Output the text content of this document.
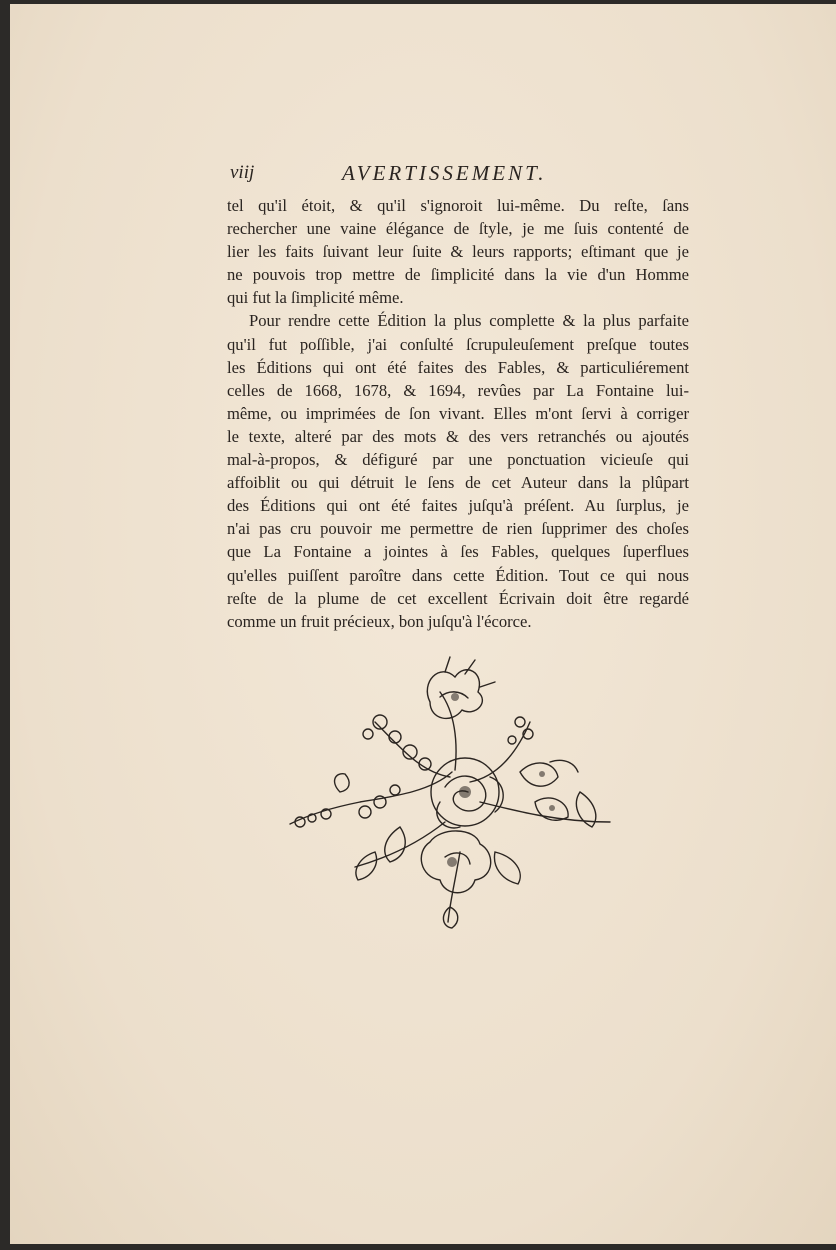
viij	AVERTISSEMENT.
tel qu'il étoit, & qu'il s'ignoroit lui-même. Du reſte, ſans
rechercher une vaine élégance de ſtyle, je me ſuis contenté de
lier les faits ſuivant leur ſuite & leurs rapports; eſtimant que je
ne pouvois trop mettre de ſimplicité dans la vie d'un Homme
qui fut la ſimplicité même.
Pour rendre cette Édition la plus complette & la plus parfaite
qu'il fut poſſible, j'ai conſulté ſcrupuleuſement preſque toutes
les Éditions qui ont été faites des Fables, & particuliérement
celles de 1668, 1678, & 1694, revûes par La Fontaine lui-
même, ou imprimées de ſon vivant. Elles m'ont ſervi à corriger
le texte, alteré par des mots & des vers retranchés ou ajoutés
mal-à-propos, & défiguré par une ponctuation vicieuſe qui
affoiblit ou qui détruit le ſens de cet Auteur dans la plûpart
des Éditions qui ont été faites juſqu'à préſent. Au ſurplus, je
n'ai pas cru pouvoir me permettre de rien ſupprimer des choſes
que La Fontaine a jointes à ſes Fables, quelques ſuperflues
qu'elles puiſſent paroître dans cette Édition. Tout ce qui nous
reſte de la plume de cet excellent Écrivain doit être regardé
comme un fruit précieux, bon juſqu'à l'écorce.
